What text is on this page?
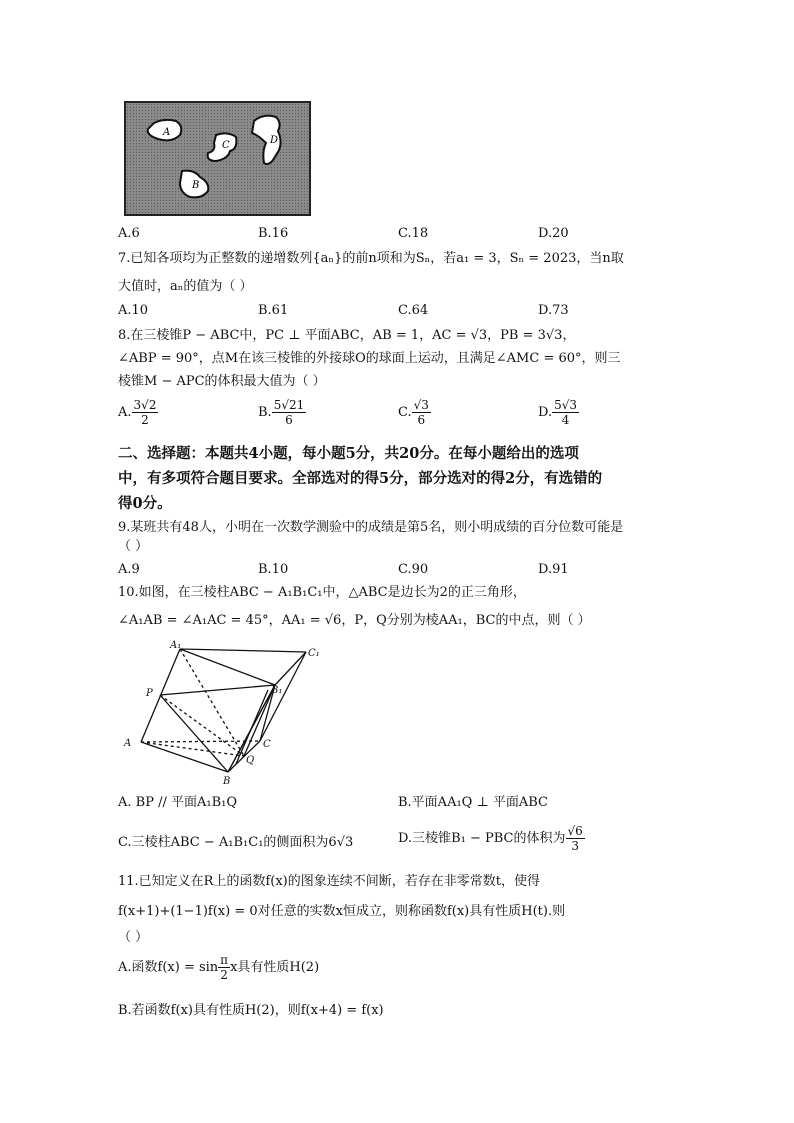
A
C	D
B
A.6	B.16	C.18	D.20
7.已知各项均为正整数的递增数列{aₙ}的前n项和为Sₙ，若a₁ = 3，Sₙ = 2023，当n取
大值时，aₙ的值为（ ）
A.10	B.61	C.64	D.73
8.在三棱锥P − ABC中，PC ⊥ 平面ABC，AB = 1，AC = √3，PB = 3√3，
∠ABP = 90°，点M在该三棱锥的外接球O的球面上运动，且满足∠AMC = 60°，则三
棱锥M − APC的体积最大值为（ ）
A. $\frac{3√2}{2}$	B. $\frac{5√21}{6}$	C. $\frac{√3}{6}$	D. $\frac{5√3}{4}$
二、选择题：本题共4小题，每小题5分，共20分。在每小题给出的选项
中，有多项符合题目要求。全部选对的得5分，部分选对的得2分，有选错的
得0分。
9.某班共有48人，小明在一次数学测验中的成绩是第5名，则小明成绩的百分位数可能是
（ ）
A.9	B.10	C.90	D.91
10.如图，在三棱柱ABC − A₁B₁C₁中，△ABC是边长为2的正三角形，
∠A₁AB = ∠A₁AC = 45°，AA₁ = √6，P，Q分别为棱AA₁，BC的中点，则（ ）
A₁
C₁
P	B₁
A	C
Q
B
A. BP // 平面A₁B₁Q	B.平面AA₁Q ⊥ 平面ABC
C.三棱柱ABC − A₁B₁C₁的侧面积为6√3	D.三棱锥B₁ − PBC的体积为 $\frac{√6}{3}$
11.已知定义在R上的函数f(x)的图象连续不间断，若存在非零常数t，使得
f(x+1)+(1−1)f(x) = 0对任意的实数x恒成立，则称函数f(x)具有性质H(t).则
（ ）
A.函数$f(x) = \sin \frac{\pi}{2}$ x具有性质H(2)
B.若函数f(x)具有性质H(2)，则f(x+4) = f(x)
